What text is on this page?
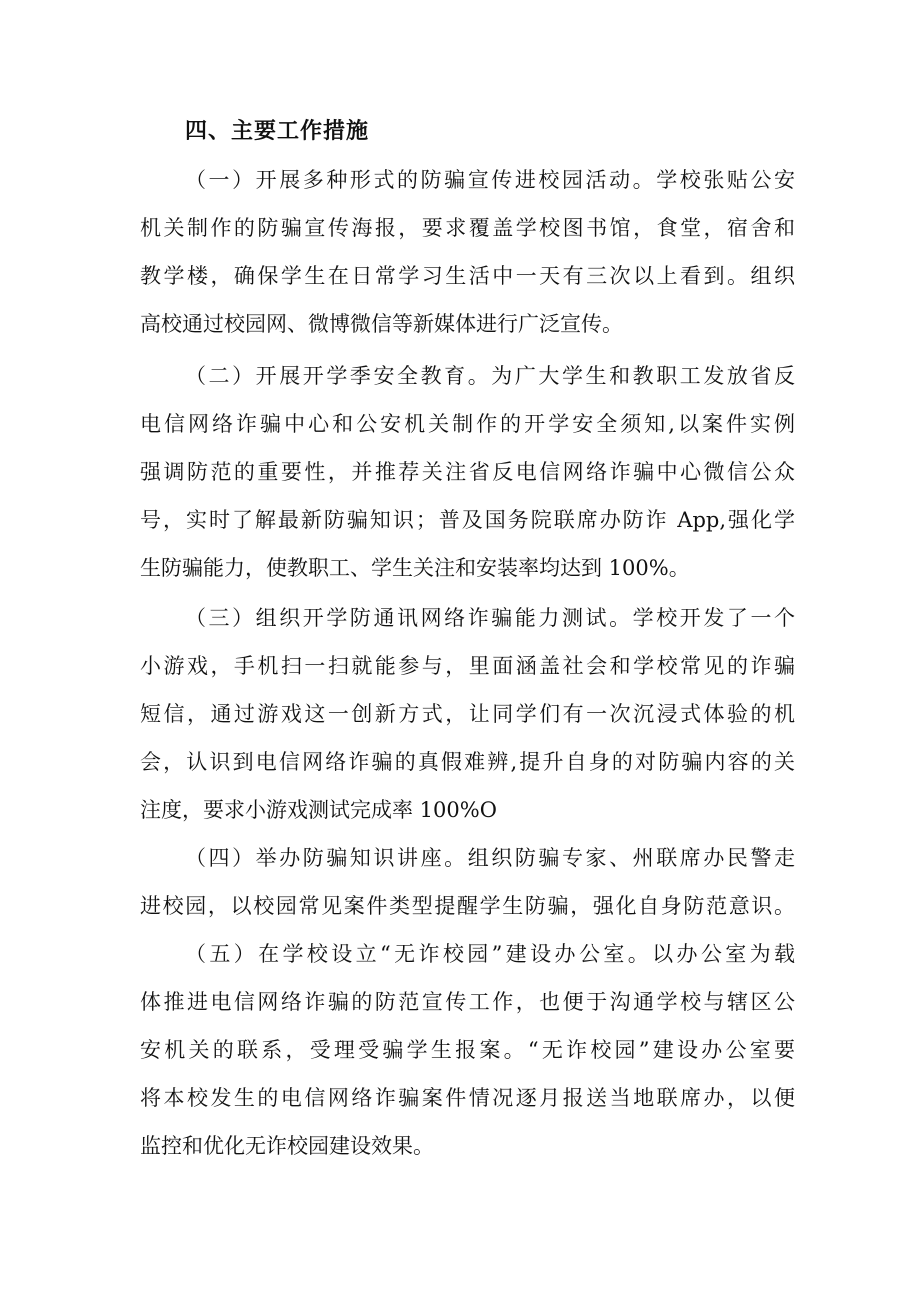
四、主要工作措施

（一）开展多种形式的防骗宣传进校园活动。学校张贴公安

机关制作的防骗宣传海报，要求覆盖学校图书馆，食堂，宿舍和

教学楼，确保学生在日常学习生活中一天有三次以上看到。组织

高校通过校园网、微博微信等新媒体进行广泛宣传。

（二）开展开学季安全教育。为广大学生和教职工发放省反

电信网络诈骗中心和公安机关制作的开学安全须知,以案件实例

强调防范的重要性，并推荐关注省反电信网络诈骗中心微信公众

号，实时了解最新防骗知识；普及国务院联席办防诈 App,强化学

生防骗能力，使教职工、学生关注和安装率均达到 100%。

（三）组织开学防通讯网络诈骗能力测试。学校开发了一个

小游戏，手机扫一扫就能参与，里面涵盖社会和学校常见的诈骗

短信，通过游戏这一创新方式，让同学们有一次沉浸式体验的机

会，认识到电信网络诈骗的真假难辨,提升自身的对防骗内容的关

注度，要求小游戏测试完成率 100%O

（四）举办防骗知识讲座。组织防骗专家、州联席办民警走

进校园，以校园常见案件类型提醒学生防骗，强化自身防范意识。

（五）在学校设立“无诈校园”建设办公室。以办公室为载

体推进电信网络诈骗的防范宣传工作，也便于沟通学校与辖区公

安机关的联系，受理受骗学生报案。“无诈校园”建设办公室要

将本校发生的电信网络诈骗案件情况逐月报送当地联席办，以便

监控和优化无诈校园建设效果。
